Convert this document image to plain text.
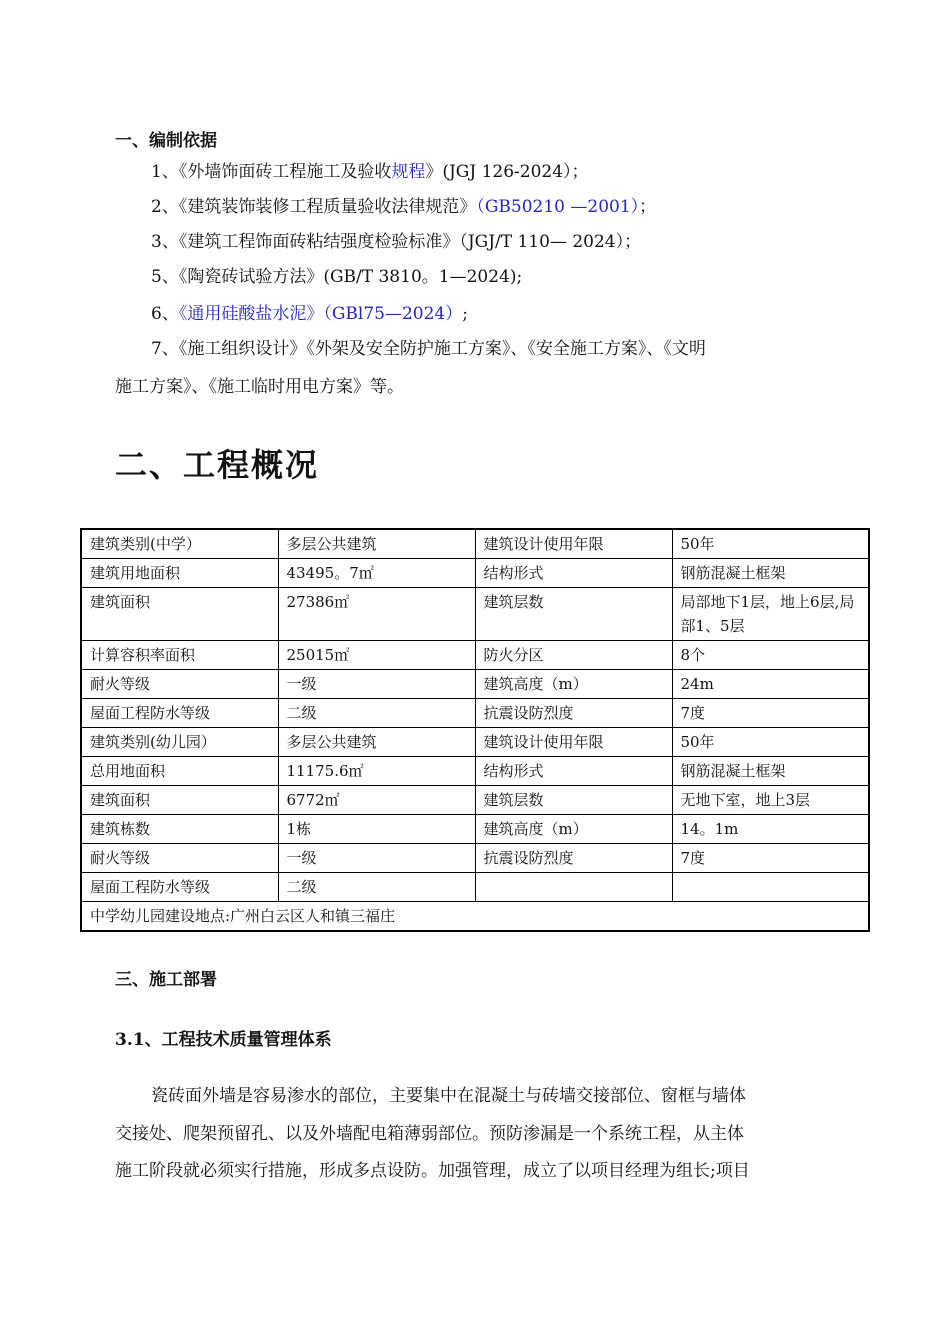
一、编制依据
1、《外墙饰面砖工程施工及验收规程》(JGJ 126-2024）；
2、《建筑装饰装修工程质量验收法律规范》（GB50210 —2001）；
3、《建筑工程饰面砖粘结强度检验标准》（JGJ/T 110— 2024）；
5、《陶瓷砖试验方法》(GB/T 3810。1—2024);
6、《通用硅酸盐水泥》（GBl75—2024）;
7、《施工组织设计》《外架及安全防护施工方案》、《安全施工方案》、《文明
施工方案》、《施工临时用电方案》等。
二、工程概况
建筑类别(中学）	多层公共建筑	建筑设计使用年限	50年
建筑用地面积	43495。7㎡	结构形式	钢筋混凝土框架
建筑面积	27386㎡	建筑层数	局部地下1层，地上6层,局部1、5层
计算容积率面积	25015㎡	防火分区	8个
耐火等级	一级	建筑高度（m）	24m
屋面工程防水等级	二级	抗震设防烈度	7度
建筑类别(幼儿园）	多层公共建筑	建筑设计使用年限	50年
总用地面积	11175.6㎡	结构形式	钢筋混凝土框架
建筑面积	6772㎡	建筑层数	无地下室，地上3层
建筑栋数	1栋	建筑高度（m）	14。1m
耐火等级	一级	抗震设防烈度	7度
屋面工程防水等级	二级		
中学幼儿园建设地点:广州白云区人和镇三福庄			
三、施工部署
3.1、工程技术质量管理体系
瓷砖面外墙是容易渗水的部位，主要集中在混凝土与砖墙交接部位、窗框与墙体
交接处、爬架预留孔、以及外墙配电箱薄弱部位。预防渗漏是一个系统工程，从主体
施工阶段就必须实行措施，形成多点设防。加强管理，成立了以项目经理为组长;项目
